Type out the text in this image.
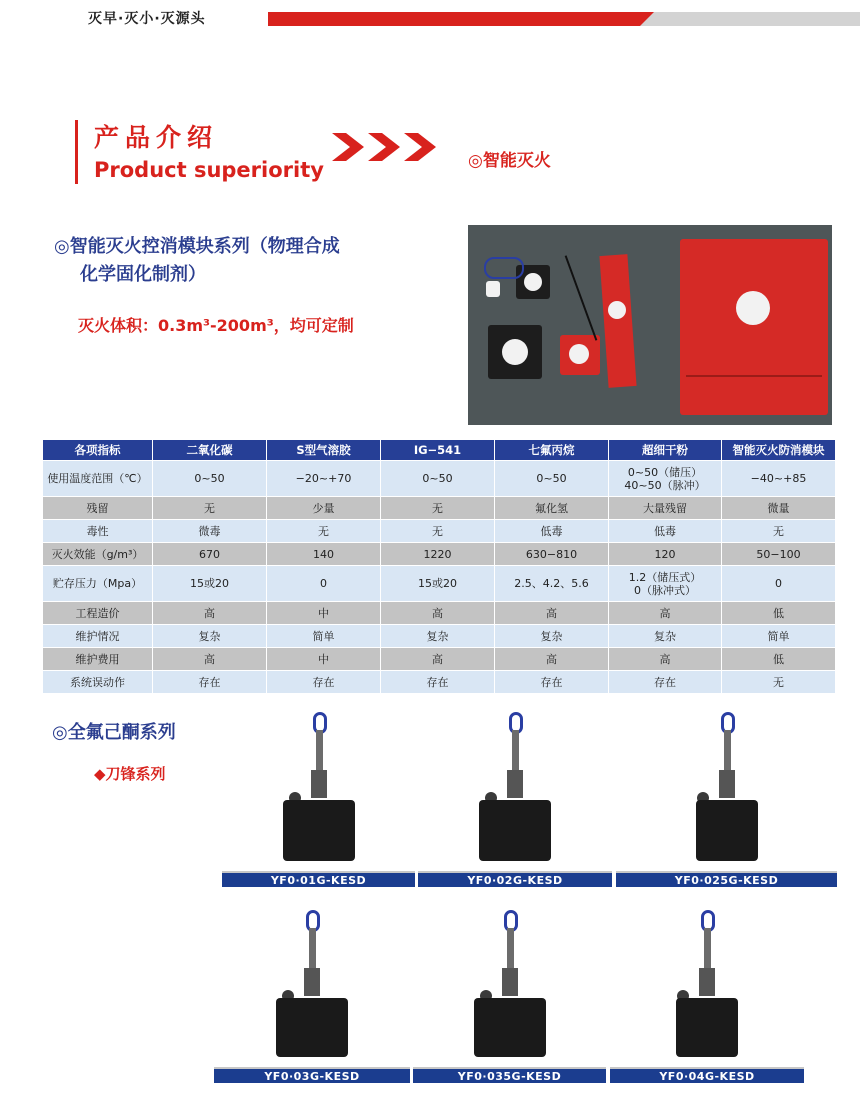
灭早·灭小·灭源头
产品介绍
Product superiority	◎智能灭火
◎智能灭火控消模块系列（物理合成
化学固化制剂）
灭火体积：0.3m³-200m³，均可定制
各项指标	二氧化碳	S型气溶胶	IG−541	七氟丙烷	超细干粉	智能灭火防消模块
使用温度范围（℃）	0~50	−20~+70	0~50	0~50	0~50（储压）
40~50（脉冲）	−40~+85
残留	无	少量	无	氟化氢	大量残留	微量
毒性	微毒	无	无	低毒	低毒	无
灭火效能（g/m³）	670	140	1220	630−810	120	50−100
贮存压力（Mpa）	15或20	0	15或20	2.5、4.2、5.6	1.2（储压式）
0（脉冲式）	0
工程造价	高	中	高	高	高	低
维护情况	复杂	简单	复杂	复杂	复杂	简单
维护费用	高	中	高	高	高	低
系统误动作	存在	存在	存在	存在	存在	无
◎全氟己酮系列
◆刀锋系列
YF0·01G-KESD	YF0·02G-KESD	YF0·025G-KESD
YF0·03G-KESD	YF0·035G-KESD	YF0·04G-KESD
